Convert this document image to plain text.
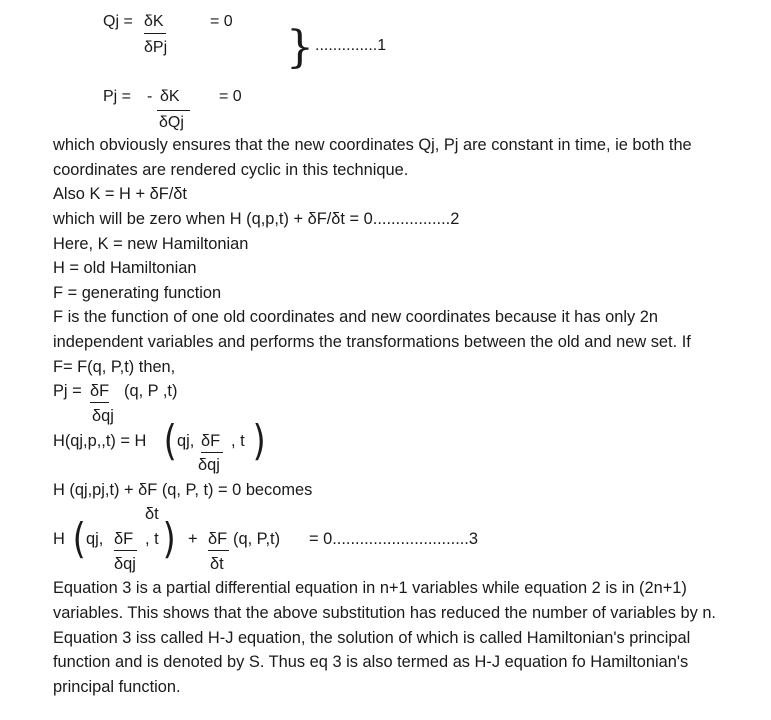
Qj = δK
δPj
= 0
} ..............1
Pj = - δK
δQj
= 0
which obviously ensures that the new coordinates Qj, Pj are constant in time, ie both the
coordinates are rendered cyclic in this technique.
Also K = H + δF/δt
which will be zero when H (q,p,t) + δF/δt = 0.................2
Here, K = new Hamiltonian
H = old Hamiltonian
F = generating function
F is the function of one old coordinates and new coordinates because it has only 2n
independent variables and performs the transformations between the old and new set. If
F= F(q, P,t) then,
Pj = δF (q, P ,t)
δqj
H(qj,p,,t) = H ( qj, δF
δqj
, t )
H (qj,pj,t) + δF (q, P, t) = 0 becomes
δt
H ( qj, δF
δqj
, t ) + δF (q, P,t)
δt
= 0..............................3
Equation 3 is a partial differential equation in n+1 variables while equation 2 is in (2n+1)
variables. This shows that the above substitution has reduced the number of variables by n.
Equation 3 iss called H-J equation, the solution of which is called Hamiltonian's principal
function and is denoted by S. Thus eq 3 is also termed as H-J equation fo Hamiltonian's
principal function.
